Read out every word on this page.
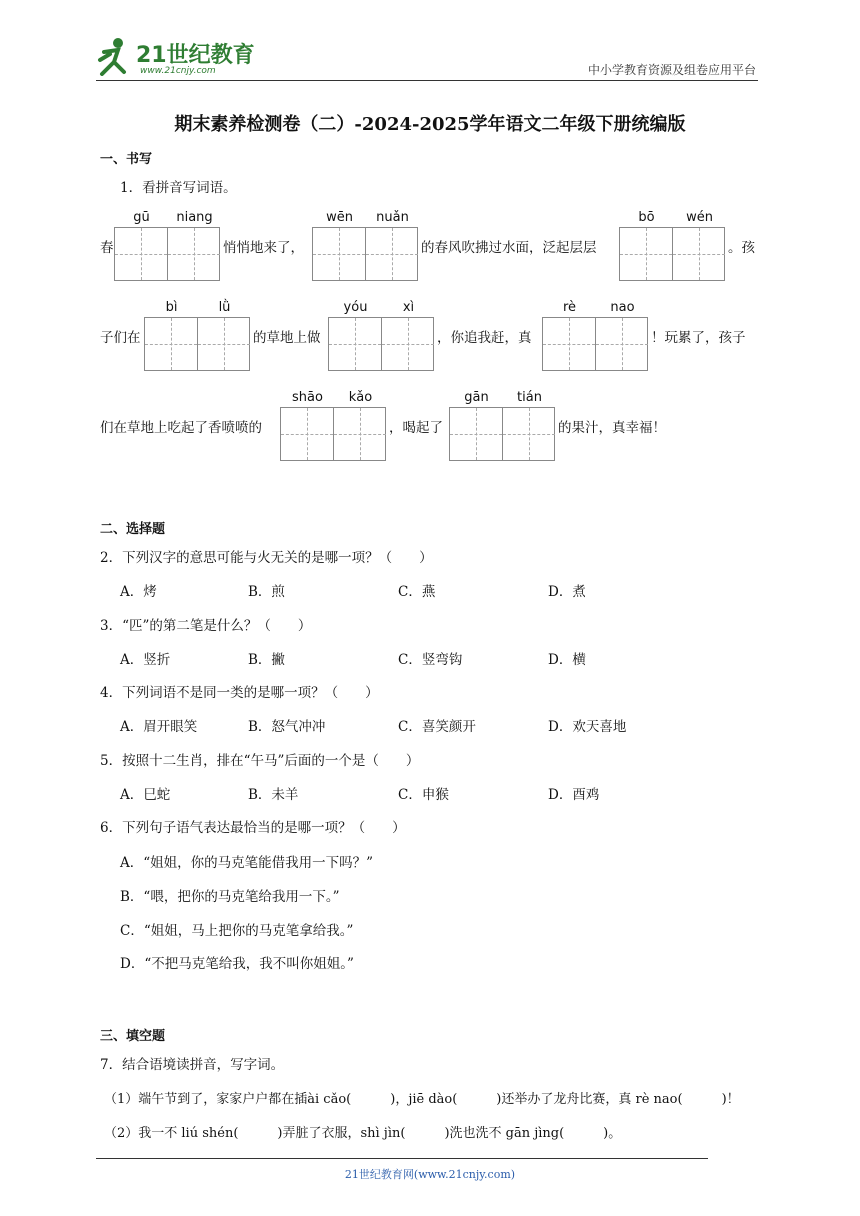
21世纪教育
www.21cnjy.com	中小学教育资源及组卷应用平台
期末素养检测卷（二）-2024-2025学年语文二年级下册统编版
一、书写
1．看拼音写词语。
gū	niang	wēn	nuǎn	bō	wén
春	悄悄地来了，	的春风吹拂过水面，泛起层层	。孩
bì	lǜ	yóu	xì	rè	nao
子们在	的草地上做	，你追我赶，真	！玩累了，孩子
shāo	kǎo	gān	tián
们在草地上吃起了香喷喷的	，喝起了	的果汁，真幸福！
二、选择题
2．下列汉字的意思可能与火无关的是哪一项？（　　）
A．烤	B．煎	C．燕	D．煮
3．“匹”的第二笔是什么？（　　）
A．竖折	B．撇	C．竖弯钩	D．横
4．下列词语不是同一类的是哪一项？（　　）
A．眉开眼笑	B．怒气冲冲	C．喜笑颜开	D．欢天喜地
5．按照十二生肖，排在“午马”后面的一个是（　　）
A．巳蛇	B．未羊	C．申猴	D．酉鸡
6．下列句子语气表达最恰当的是哪一项？（　　）
A．“姐姐，你的马克笔能借我用一下吗？”
B．“喂，把你的马克笔给我用一下。”
C．“姐姐，马上把你的马克笔拿给我。”
D．“不把马克笔给我，我不叫你姐姐。”
三、填空题
7．结合语境读拼音，写字词。
（1）端午节到了，家家户户都在插ài cǎo(　　　)，jiē dào(　　　)还举办了龙舟比赛，真 rè nao(　　　)！
（2）我一不 liú shén(　　　)弄脏了衣服，shì jìn(　　　)洗也洗不 gān jìng(　　　)。
21世纪教育网(www.21cnjy.com)
